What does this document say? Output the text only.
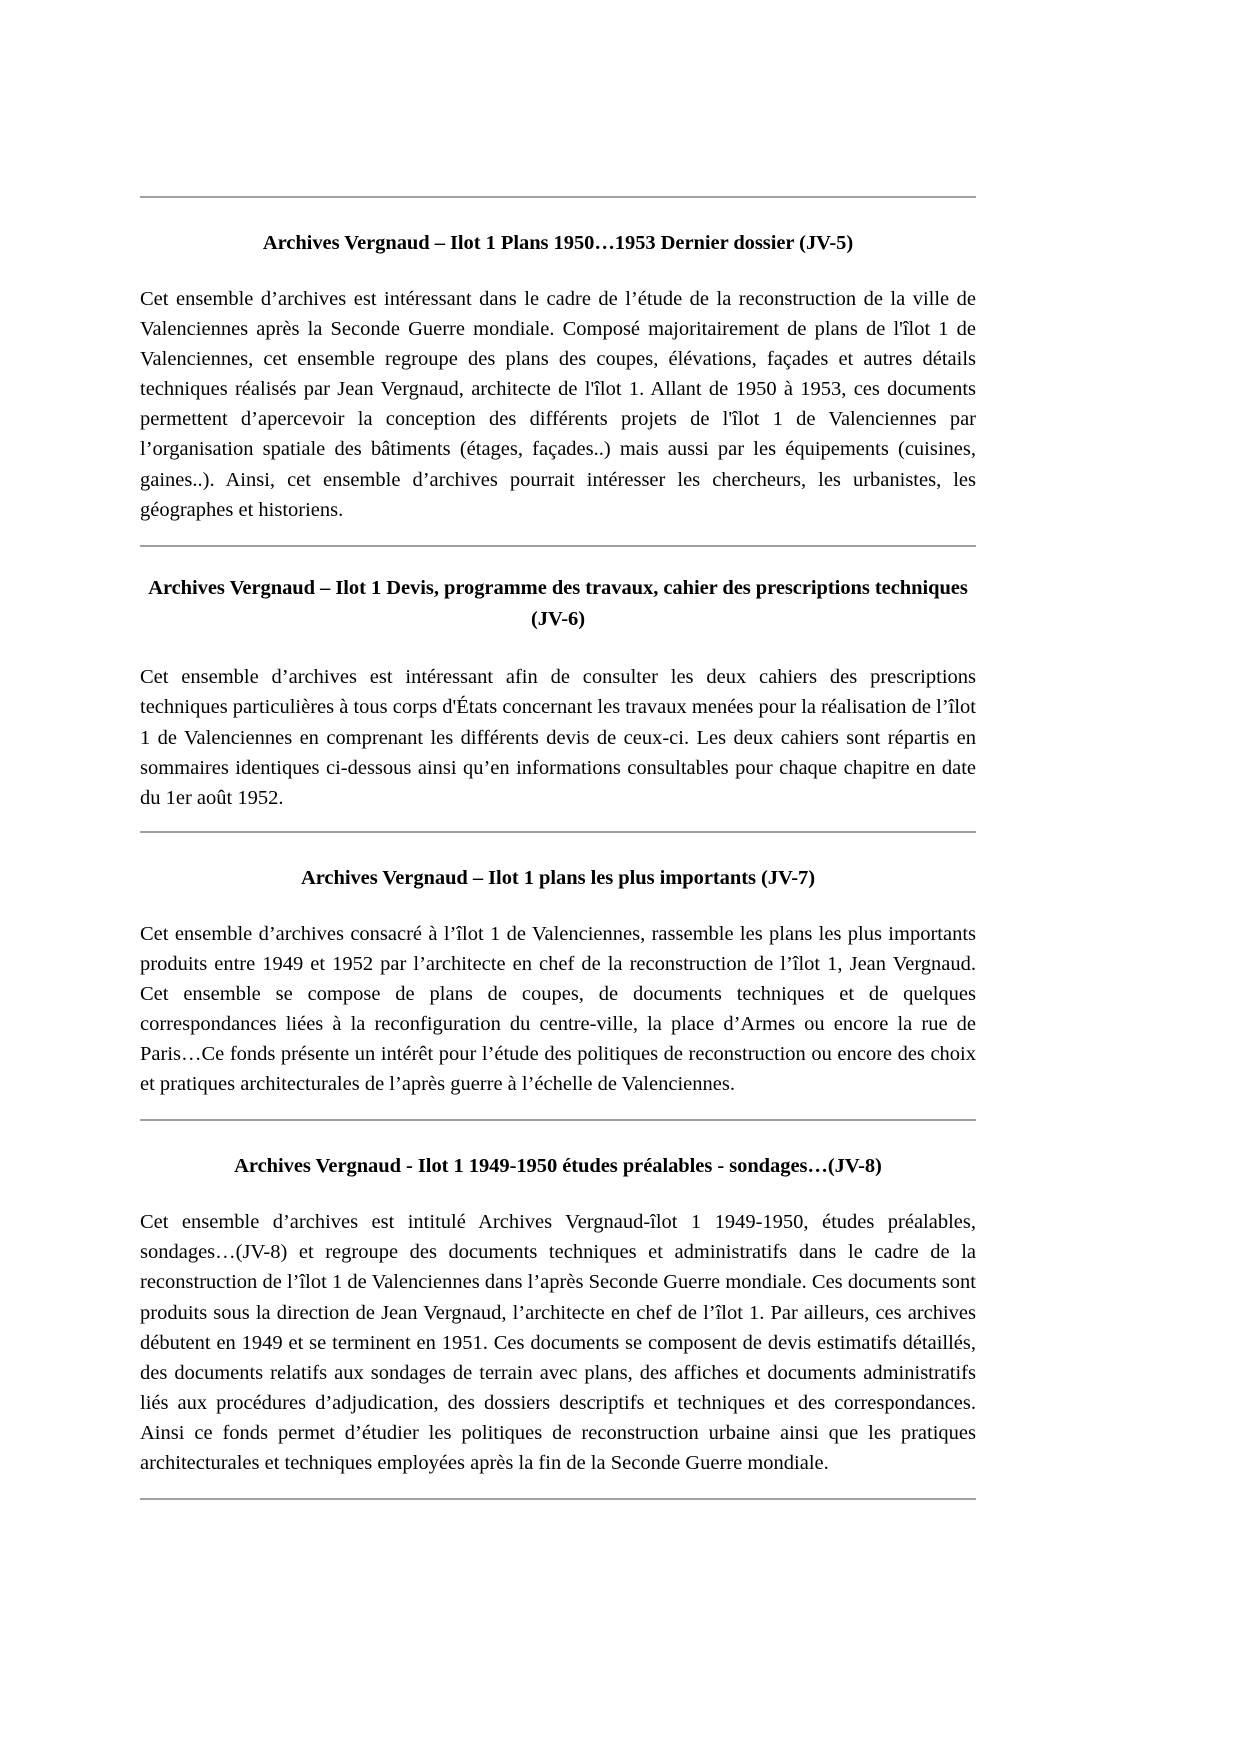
Archives Vergnaud – Ilot 1 Plans 1950…1953 Dernier dossier (JV-5)

Cet ensemble d’archives est intéressant dans le cadre de l’étude de la reconstruction de la ville de Valenciennes après la Seconde Guerre mondiale. Composé majoritairement de plans de l'îlot 1 de Valenciennes, cet ensemble regroupe des plans des coupes, élévations, façades et autres détails techniques réalisés par Jean Vergnaud, architecte de l'îlot 1. Allant de 1950 à 1953, ces documents permettent d’apercevoir la conception des différents projets de l'îlot 1 de Valenciennes par l’organisation spatiale des bâtiments (étages, façades..) mais aussi par les équipements (cuisines, gaines..). Ainsi, cet ensemble d’archives pourrait intéresser les chercheurs, les urbanistes, les géographes et historiens.

Archives Vergnaud – Ilot 1 Devis, programme des travaux, cahier des prescriptions techniques (JV-6)

Cet ensemble d’archives est intéressant afin de consulter les deux cahiers des prescriptions techniques particulières à tous corps d'États concernant les travaux menées pour la réalisation de l’îlot 1 de Valenciennes en comprenant les différents devis de ceux-ci. Les deux cahiers sont répartis en sommaires identiques ci-dessous ainsi qu’en informations consultables pour chaque chapitre en date du 1er août 1952.

Archives Vergnaud – Ilot 1 plans les plus importants (JV-7)

Cet ensemble d’archives consacré à l’îlot 1 de Valenciennes, rassemble les plans les plus importants produits entre 1949 et 1952 par l’architecte en chef de la reconstruction de l’îlot 1, Jean Vergnaud. Cet ensemble se compose de plans de coupes, de documents techniques et de quelques correspondances liées à la reconfiguration du centre-ville, la place d’Armes ou encore la rue de Paris…Ce fonds présente un intérêt pour l’étude des politiques de reconstruction ou encore des choix et pratiques architecturales de l’après guerre à l’échelle de Valenciennes.

Archives Vergnaud - Ilot 1 1949-1950 études préalables - sondages…(JV-8)

Cet ensemble d’archives est intitulé Archives Vergnaud-îlot 1 1949-1950, études préalables, sondages…(JV-8) et regroupe des documents techniques et administratifs dans le cadre de la reconstruction de l’îlot 1 de Valenciennes dans l’après Seconde Guerre mondiale. Ces documents sont produits sous la direction de Jean Vergnaud, l’architecte en chef de l’îlot 1. Par ailleurs, ces archives débutent en 1949 et se terminent en 1951. Ces documents se composent de devis estimatifs détaillés, des documents relatifs aux sondages de terrain avec plans, des affiches et documents administratifs liés aux procédures d’adjudication, des dossiers descriptifs et techniques et des correspondances. Ainsi ce fonds permet d’étudier les politiques de reconstruction urbaine ainsi que les pratiques architecturales et techniques employées après la fin de la Seconde Guerre mondiale.
